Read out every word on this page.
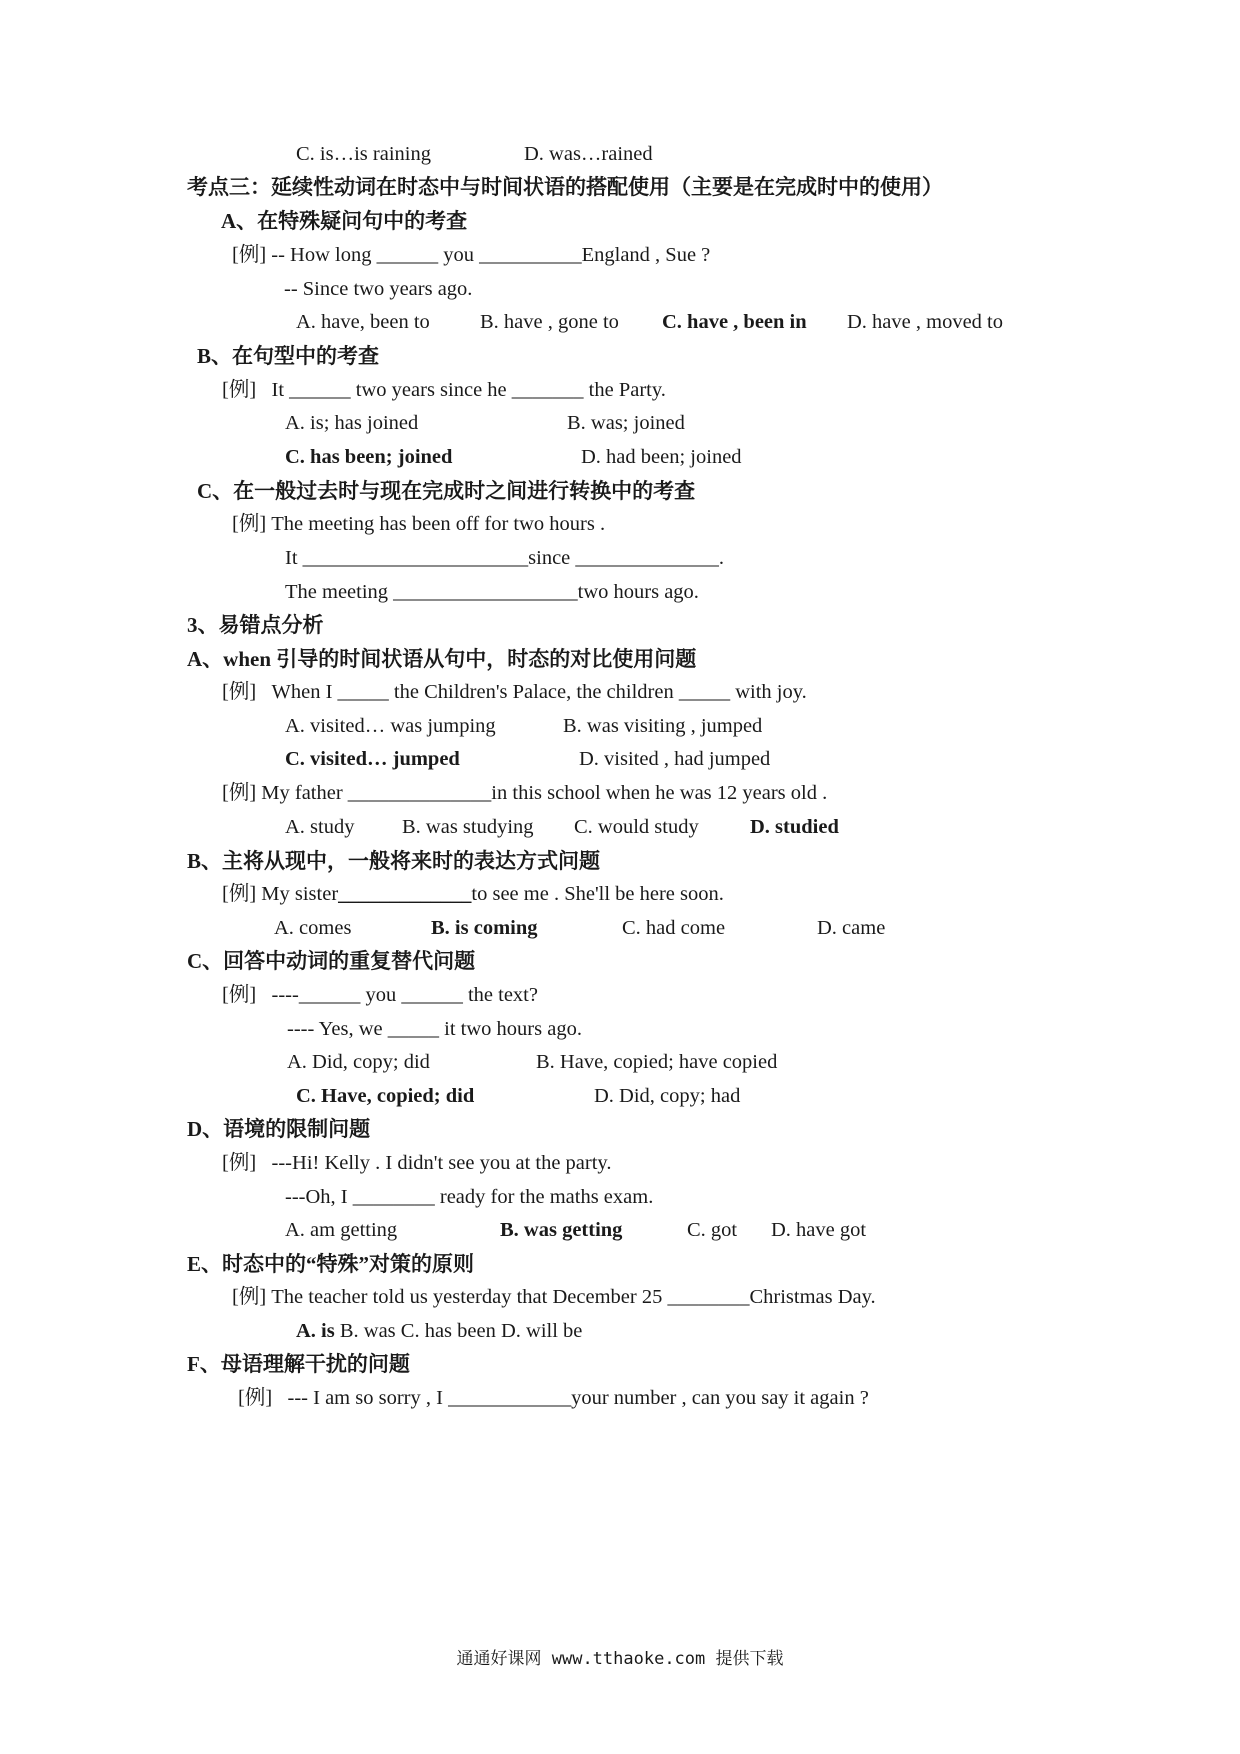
C. is…is raining	D. was…rained
考点三：延续性动词在时态中与时间状语的搭配使用（主要是在完成时中的使用）
A、在特殊疑问句中的考查
[例] -- How long ______ you __________England , Sue ?
-- Since two years ago.
A. have, been to B. have , gone to C. have , been in D. have , moved to
B、在句型中的考查
[例]   It ______ two years since he _______ the Party.
A. is; has joined	B. was; joined
C. has been; joined	D. had been; joined
C、在一般过去时与现在完成时之间进行转换中的考查
[例] The meeting has been off for two hours .
It ______________________since ______________.
The meeting __________________two hours ago.
3、易错点分析
A、when 引导的时间状语从句中，时态的对比使用问题
[例]   When I _____ the Children's Palace, the children _____ with joy.
A. visited… was jumping	B. was visiting , jumped
C. visited… jumped	D. visited , had jumped
[例] My father ______________in this school when he was 12 years old .
A. study B. was studying C. would study	D. studied
B、主将从现中，一般将来时的表达方式问题
[例] My sister_____________to see me . She'll be here soon.
A. comes	B. is coming	C. had come	D. came
C、回答中动词的重复替代问题
[例]   ----______ you ______ the text?
---- Yes, we _____ it two hours ago.
A. Did, copy; did	B. Have, copied; have copied
C. Have, copied; did	D. Did, copy; had
D、语境的限制问题
[例]   ---Hi! Kelly . I didn't see you at the party.
---Oh, I ________ ready for the maths exam.
A. am getting	B. was getting	C. got D. have got
E、时态中的“特殊”对策的原则
[例] The teacher told us yesterday that December 25 ________Christmas Day.
A. is B. was C. has been D. will be
F、母语理解干扰的问题
[例]   --- I am so sorry , I ____________your number , can you say it again ?
通通好课网 www.tthaoke.com 提供下载
